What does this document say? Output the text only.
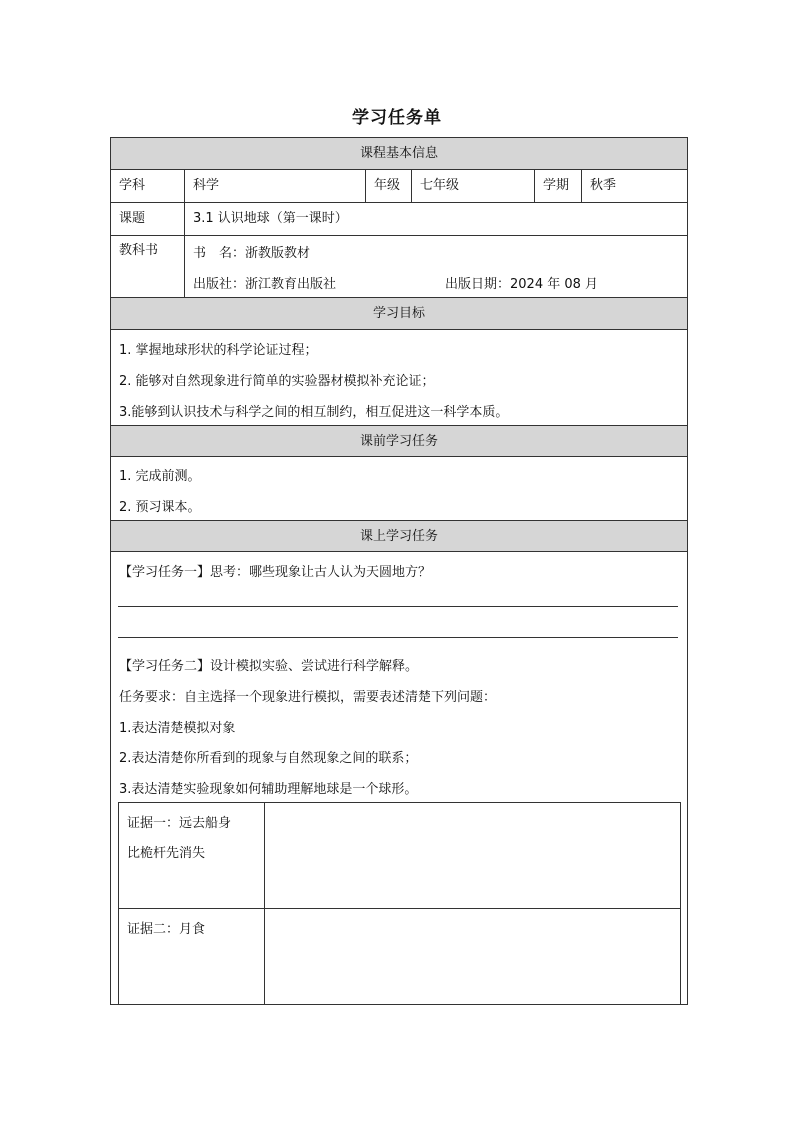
学习任务单
课程基本信息
学科	科学	年级	七年级	学期	秋季
课题	3.1 认识地球（第一课时）
教科书	书　名：浙教版教材
出版社：浙江教育出版社	出版日期：2024 年 08 月
学习目标
1. 掌握地球形状的科学论证过程；
2. 能够对自然现象进行简单的实验器材模拟补充论证；
3.能够到认识技术与科学之间的相互制约，相互促进这一科学本质。
课前学习任务
1. 完成前测。
2. 预习课本。
课上学习任务
【学习任务一】思考：哪些现象让古人认为天圆地方？
【学习任务二】设计模拟实验、尝试进行科学解释。
任务要求：自主选择一个现象进行模拟，需要表述清楚下列问题：
1.表达清楚模拟对象
2.表达清楚你所看到的现象与自然现象之间的联系；
3.表达清楚实验现象如何辅助理解地球是一个球形。
证据一：远去船身
比桅杆先消失
证据二：月食
